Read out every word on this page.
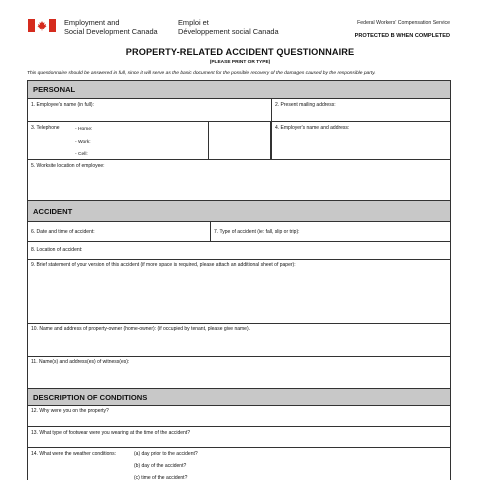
Employment and
Social Development Canada
Emploi et
Développement social Canada
Federal Workers' Compensation Service
PROTECTED B WHEN COMPLETED
PROPERTY-RELATED ACCIDENT QUESTIONNAIRE
(PLEASE PRINT OR TYPE)
This questionnaire should be answered in full, since it will serve as the basic document for the possible recovery of the damages caused by the responsible party.
PERSONAL
1. Employee's name (in full):	2. Present mailing address:
3. Telephone	- Home:
- Work:
- Cell:
4. Employer's name and address:
5. Worksite location of employee:
ACCIDENT
6. Date and time of accident:	7. Type of accident (ie: fall, slip or trip):
8. Location of accident:
9. Brief statement of your version of this accident (if more space is required, please attach an additional sheet of paper):
10. Name and address of property-owner (home-owner): (if occupied by tenant, please give name).
11. Name(s) and address(es) of witness(es):
DESCRIPTION OF CONDITIONS
12. Why were you on the property?
13. What type of footwear were you wearing at the time of the accident?
14. What were the weather conditions:	(a) day prior to the accident?
(b) day of the accident?
(c) time of the accident?
